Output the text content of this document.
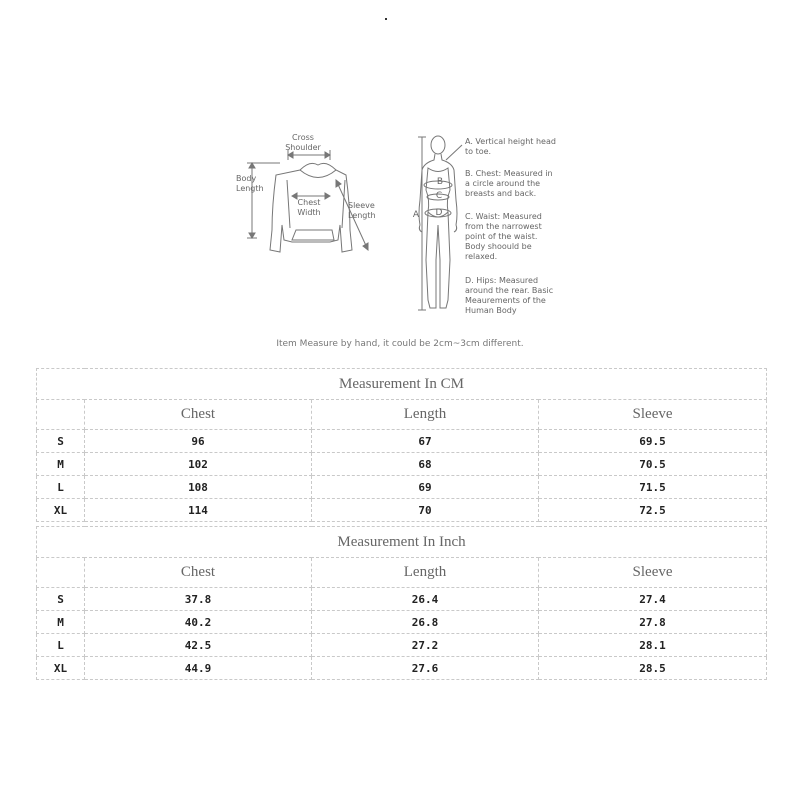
Cross Shoulder
Body Length
Chest Width
Sleeve Length	A
B
C
D
A. Vertical height head to toe.
B. Chest: Measured in a circle around the breasts and back.
C. Waist: Measured from the narrowest point of the waist. Body shoould be relaxed.
D. Hips: Measured around the rear. Basic Meaurements of the Human Body
Item Measure by hand, it could be 2cm~3cm different.
Measurement In CM			
	Chest	Length	Sleeve
S	96	67	69.5
M	102	68	70.5
L	108	69	71.5
XL	114	70	72.5
Measurement In Inch			
	Chest	Length	Sleeve
S	37.8	26.4	27.4
M	40.2	26.8	27.8
L	42.5	27.2	28.1
XL	44.9	27.6	28.5
